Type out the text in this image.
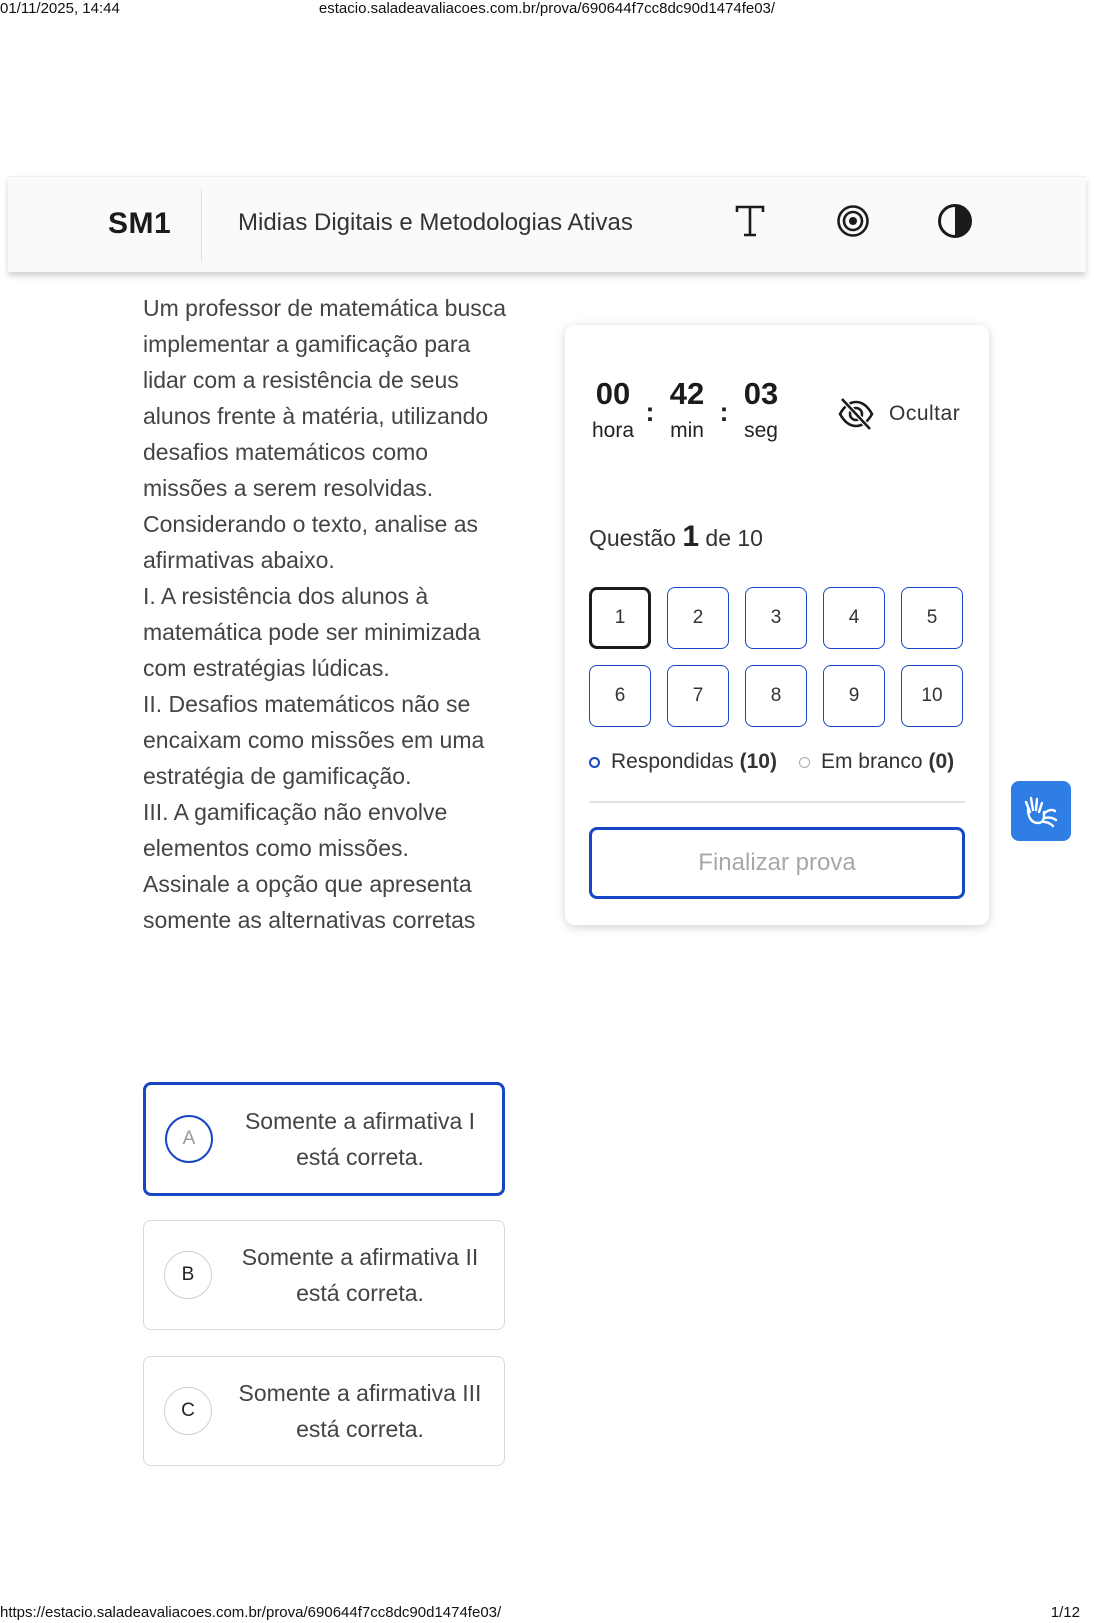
01/11/2025, 14:44	estacio.saladeavaliacoes.com.br/prova/690644f7cc8dc90d1474fe03/
SM1	Midias Digitais e Metodologias Ativas

Um professor de matemática busca implementar a gamificação para lidar com a resistência de seus alunos frente à matéria, utilizando desafios matemáticos como missões a serem resolvidas. Considerando o texto, analise as afirmativas abaixo.

I. A resistência dos alunos à matemática pode ser minimizada com estratégias lúdicas.

II. Desafios matemáticos não se encaixam como missões em uma estratégia de gamificação.

III. A gamificação não envolve elementos como missões.

Assinale a opção que apresenta somente as alternativas corretas

A
Somente a afirmativa I está correta.
B
Somente a afirmativa II está correta.
C
Somente a afirmativa III está correta.
00
hora
:
42
min
:
03
seg
Ocultar
Questão 1 de 10
1	2	3	4	5
6	7	8	9	10
Respondidas (10) Em branco (0)
Finalizar prova
https://estacio.saladeavaliacoes.com.br/prova/690644f7cc8dc90d1474fe03/	1/12
